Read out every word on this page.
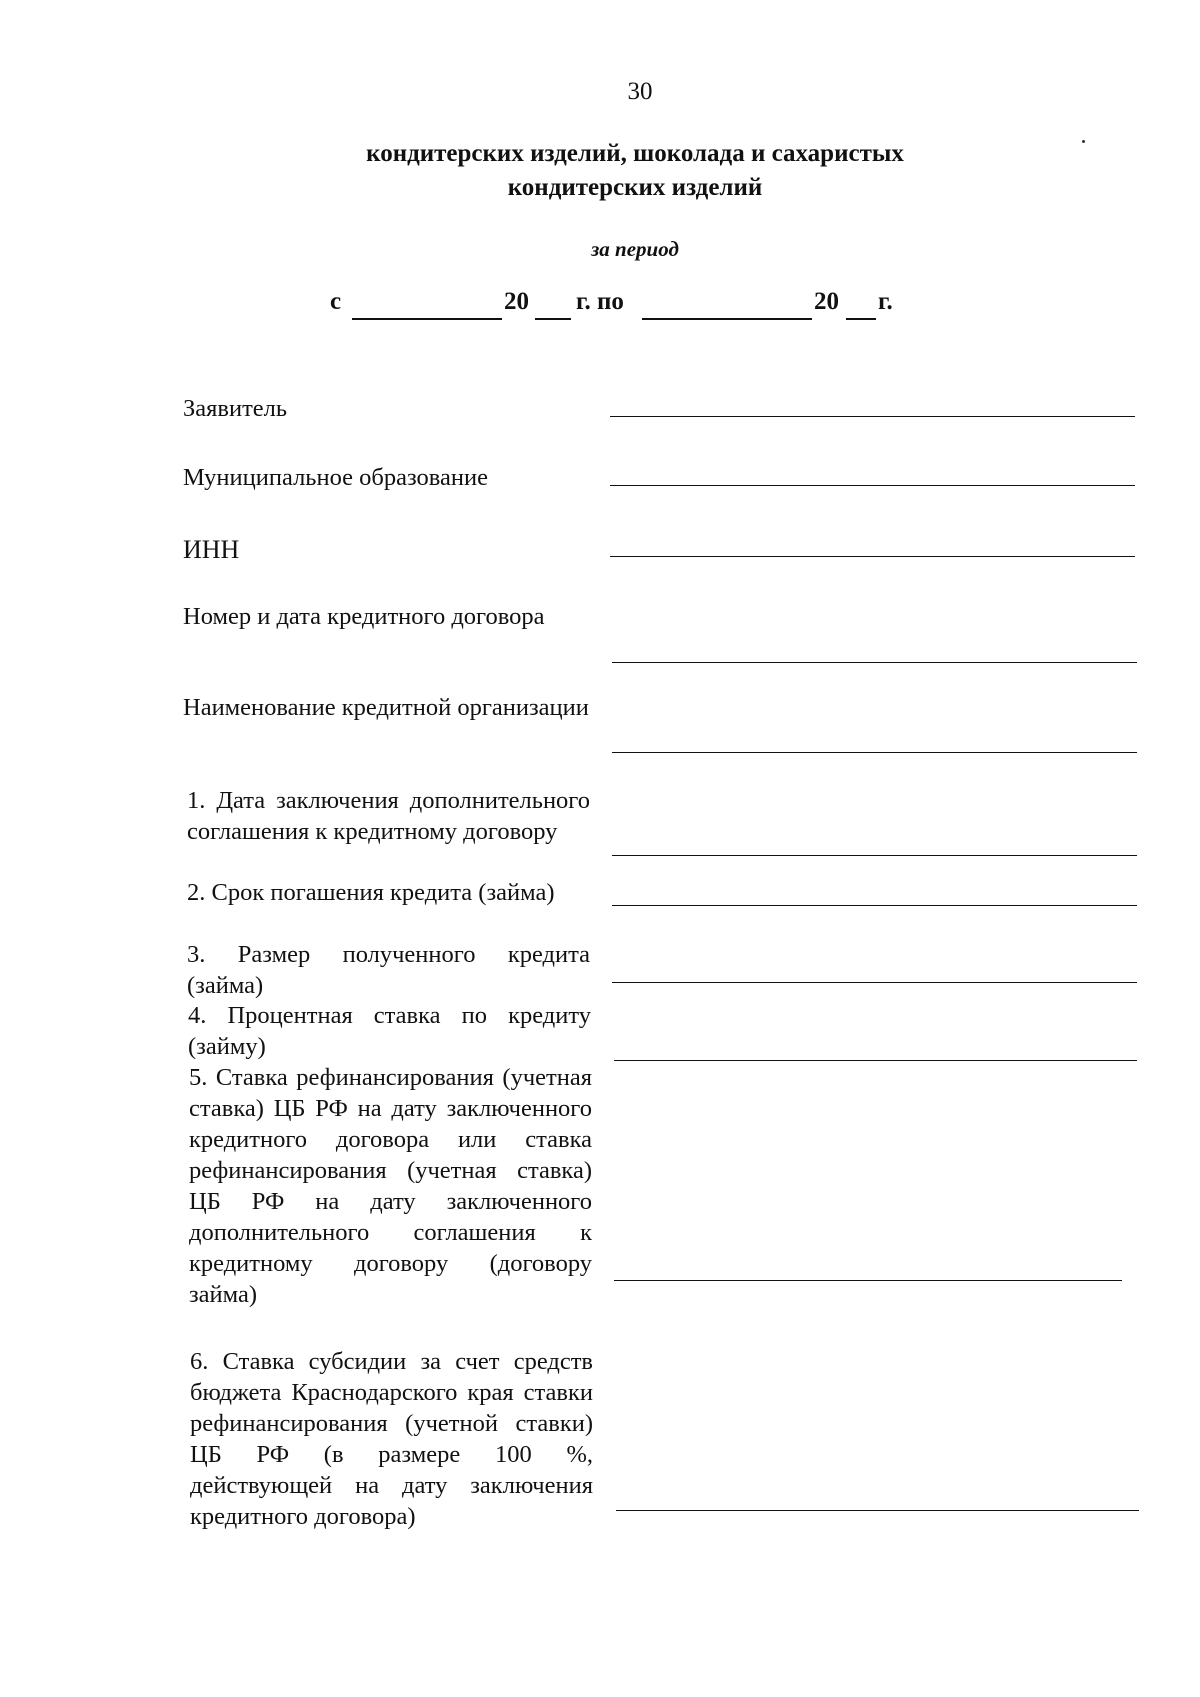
30
кондитерских изделий, шоколада и сахаристых
кондитерских изделий
за период
с	20 г. по	20 г.
Заявитель
Муниципальное образование
ИНН
Номер и дата кредитного договора
Наименование кредитной организации
1. Дата заключения дополнительного соглашения к кредитному договору
2. Срок погашения кредита (займа)
3. Размер полученного кредита (займа)
4. Процентная ставка по кредиту (займу)
5. Ставка рефинансирования (учетная ставка) ЦБ РФ на дату заключенного кредитного договора или ставка рефинансирования (учетная ставка) ЦБ РФ на дату заключенного дополнительного соглашения к кредитному договору (договору займа)
6. Ставка субсидии за счет средств бюджета Краснодарского края ставки рефинансирования (учетной ставки) ЦБ РФ (в размере 100 %, действующей на дату заключения кредитного договора)
